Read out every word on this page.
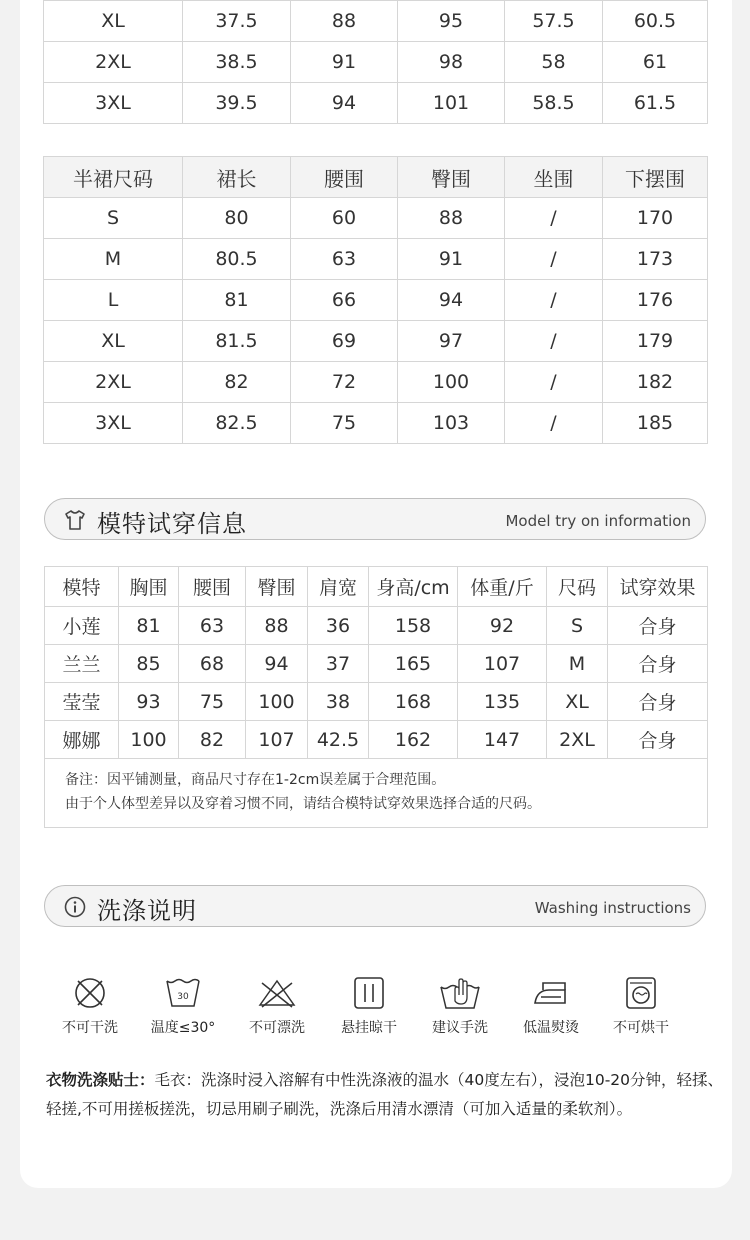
XL	37.5	88	95	57.5	60.5
2XL	38.5	91	98	58	61
3XL	39.5	94	101	58.5	61.5
半裙尺码	裙长	腰围	臀围	坐围	下摆围
S	80	60	88	/	170
M	80.5	63	91	/	173
L	81	66	94	/	176
XL	81.5	69	97	/	179
2XL	82	72	100	/	182
3XL	82.5	75	103	/	185
模特试穿信息	Model try on information
模特	胸围	腰围	臀围	肩宽	身高/cm	体重/斤	尺码	试穿效果
小莲	81	63	88	36	158	92	S	合身
兰兰	85	68	94	37	165	107	M	合身
莹莹	93	75	100	38	168	135	XL	合身
娜娜	100	82	107	42.5	162	147	2XL	合身

备注：因平铺测量，商品尺寸存在1-2cm误差属于合理范围。
由于个人体型差异以及穿着习惯不同，请结合模特试穿效果选择合适的尺码。								
洗涤说明	Washing instructions
不可干洗
30
温度≤30°	不可漂洗	悬挂晾干	建议手洗	低温熨烫	不可烘干
衣物洗涤贴士：毛衣：洗涤时浸入溶解有中性洗涤液的温水（40度左右），浸泡10-20分钟，轻揉、轻搓,不可用搓板搓洗，切忌用刷子刷洗，洗涤后用清水漂清（可加入适量的柔软剂）。
